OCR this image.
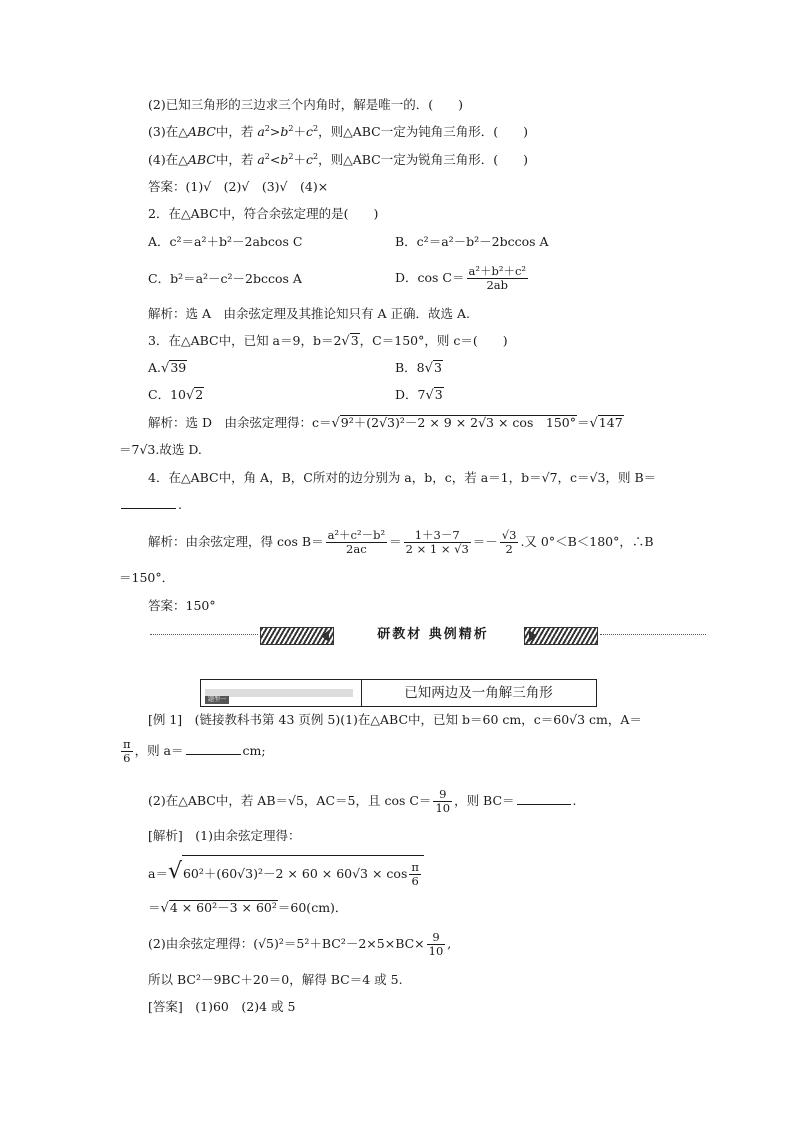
(2)已知三角形的三边求三个内角时，解是唯一的．(　　)
(3)在△ABC中，若 $a^2>b^2+c^2$，则△ABC一定为钝角三角形．(　　)
(4)在△ABC中，若 $a^2<b^2+c^2$，则△ABC一定为锐角三角形．(　　)
答案：(1)√　(2)√　(3)√　(4)×
2．在△ABC中，符合余弦定理的是(　　)
A．c²＝a²＋b²－2abcos C	B．c²＝a²－b²－2bccos A
C．b²＝a²－c²－2bccos A	D．$\cos C= \frac{\text{a²＋b²＋c²}}{2ab}$
解析：选 A　由余弦定理及其推论知只有 A 正确．故选 A.
3．在△ABC中，已知 a＝9，b＝2√3，C＝150°，则 c＝(　　)
A.√39	B．8√3
C．10√2	D．7√3
解析：选 D　由余弦定理得：c＝√9²＋(2√3)²－2 × 9 × 2√3 × cos　150°＝√147
＝7√3.故选 D.
4．在△ABC中，角 A，B，C所对的边分别为 a，b，c，若 a＝1，b＝√7，c＝√3，则 B＝
.
解析：由余弦定理，得 $\cos B= \frac{\text{a²＋c²－b²}}{2ac} = \frac{1+3-7}{2 \times 1 \times √3} =- \frac{√3}{2}$ .又 0°＜B＜180°，∴B
＝150°．
答案：150°
研教材 典例精析
题型一	已知两边及一角解三角形
[例 1]　(链接教科书第 43 页例 5)(1)在△ABC中，已知 b＝60 cm，c＝60√3 cm，A＝
$\frac{\pi}{6}$ ，则 a＝	cm;
(2)在△ABC中，若 AB＝√5，AC＝5，且 $\cos C= \frac{9}{10}$ ，则 BC＝	.
[解析]　(1)由余弦定理得：
$a=√60^2+(60√3)^2-2 \times 60 \times 60√3 \times \cos \frac{\pi}{6}$
＝√4 × 60²－3 × 60²＝60(cm)．
(2)由余弦定理得：$(√5)^2=5^2+BC^2-2\times 5\times BC\times \frac{9}{10}$ ,
所以 BC²－9BC＋20＝0，解得 BC＝4 或 5.
[答案]　(1)60　(2)4 或 5
